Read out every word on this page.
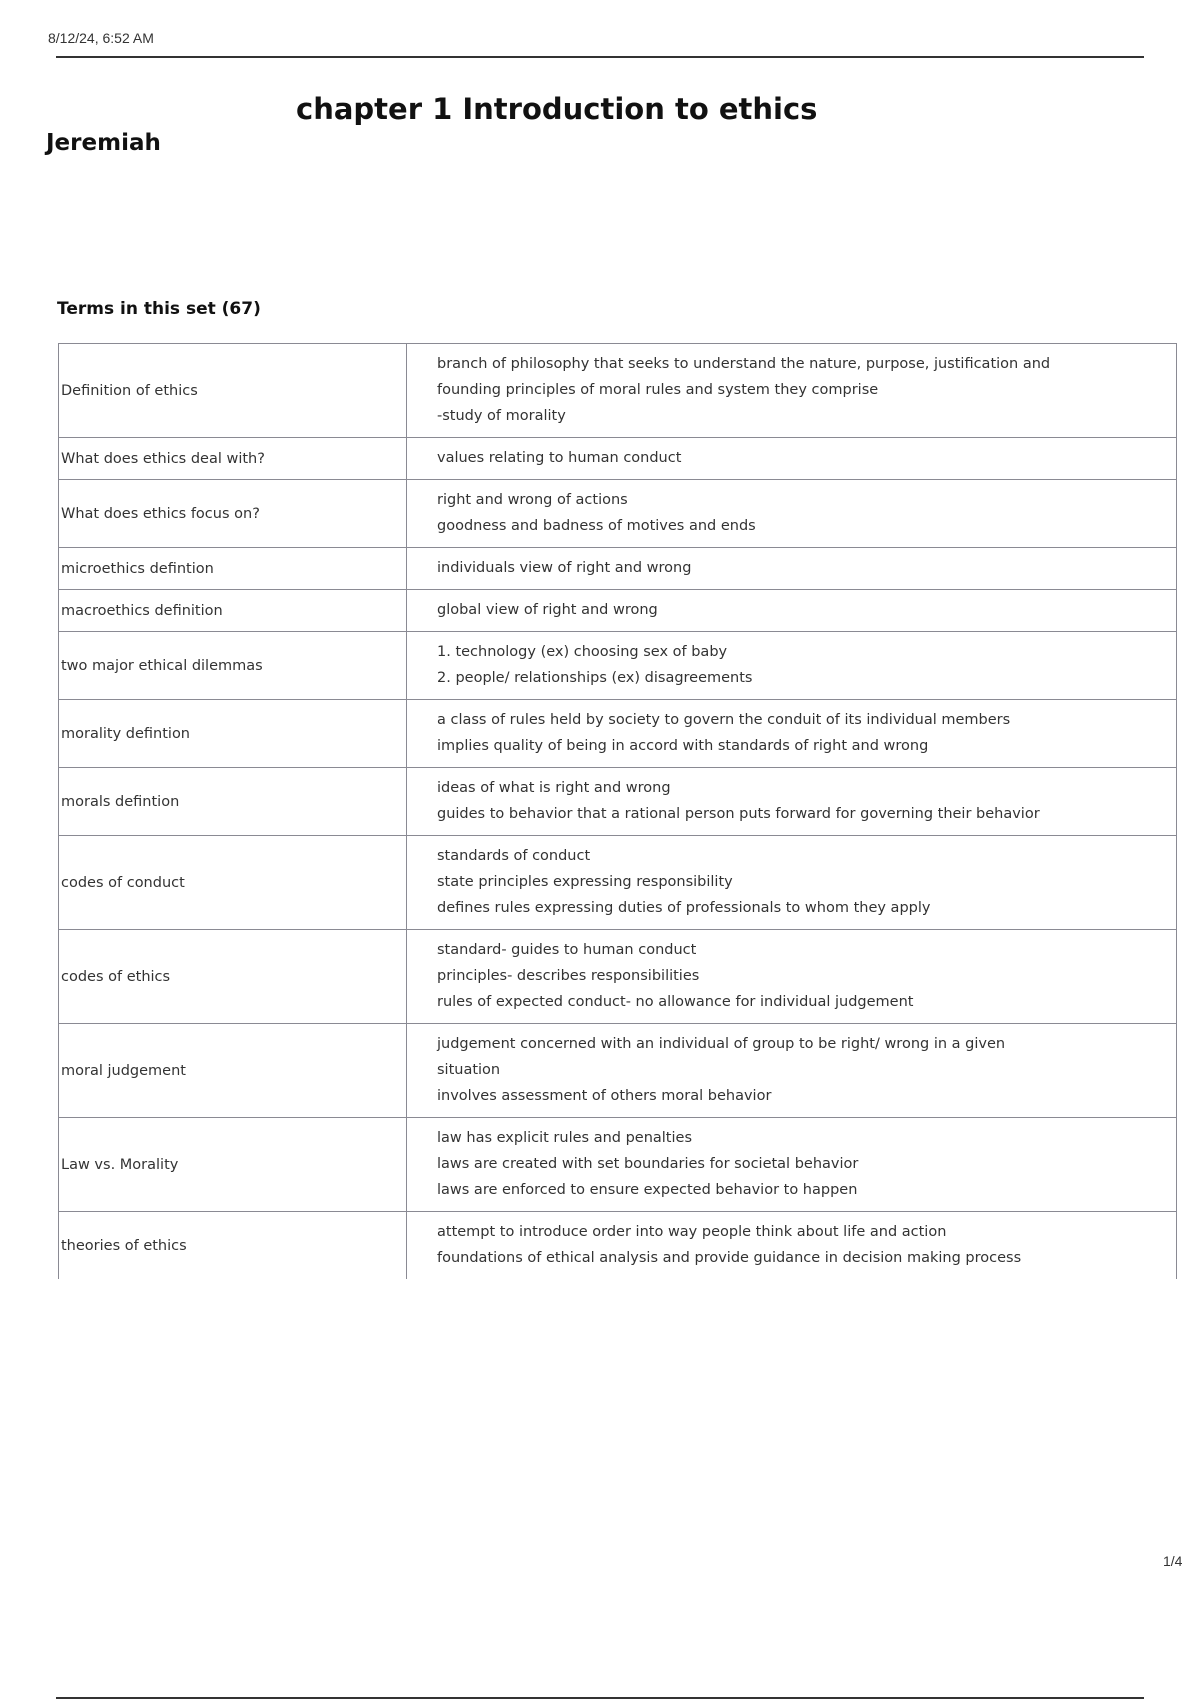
8/12/24, 6:52 AM
chapter 1 Introduction to ethics
Jeremiah
Terms in this set (67)
Definition of ethics	branch of philosophy that seeks to understand the nature, purpose, justification and
founding principles of moral rules and system they comprise
-study of morality

What does ethics deal with?	values relating to human conduct

What does ethics focus on?	right and wrong of actions
goodness and badness of motives and ends

microethics defintion	individuals view of right and wrong

macroethics definition	global view of right and wrong

two major ethical dilemmas	1. technology (ex) choosing sex of baby
2. people/ relationships (ex) disagreements

morality defintion	a class of rules held by society to govern the conduit of its individual members
implies quality of being in accord with standards of right and wrong

morals defintion	ideas of what is right and wrong
guides to behavior that a rational person puts forward for governing their behavior

codes of conduct	standards of conduct
state principles expressing responsibility
defines rules expressing duties of professionals to whom they apply

codes of ethics	standard- guides to human conduct
principles- describes responsibilities
rules of expected conduct- no allowance for individual judgement

moral judgement	judgement concerned with an individual of group to be right/ wrong in a given
situation
involves assessment of others moral behavior

Law vs. Morality	law has explicit rules and penalties
laws are created with set boundaries for societal behavior
laws are enforced to ensure expected behavior to happen

theories of ethics	attempt to introduce order into way people think about life and action
foundations of ethical analysis and provide guidance in decision making process
1/4
